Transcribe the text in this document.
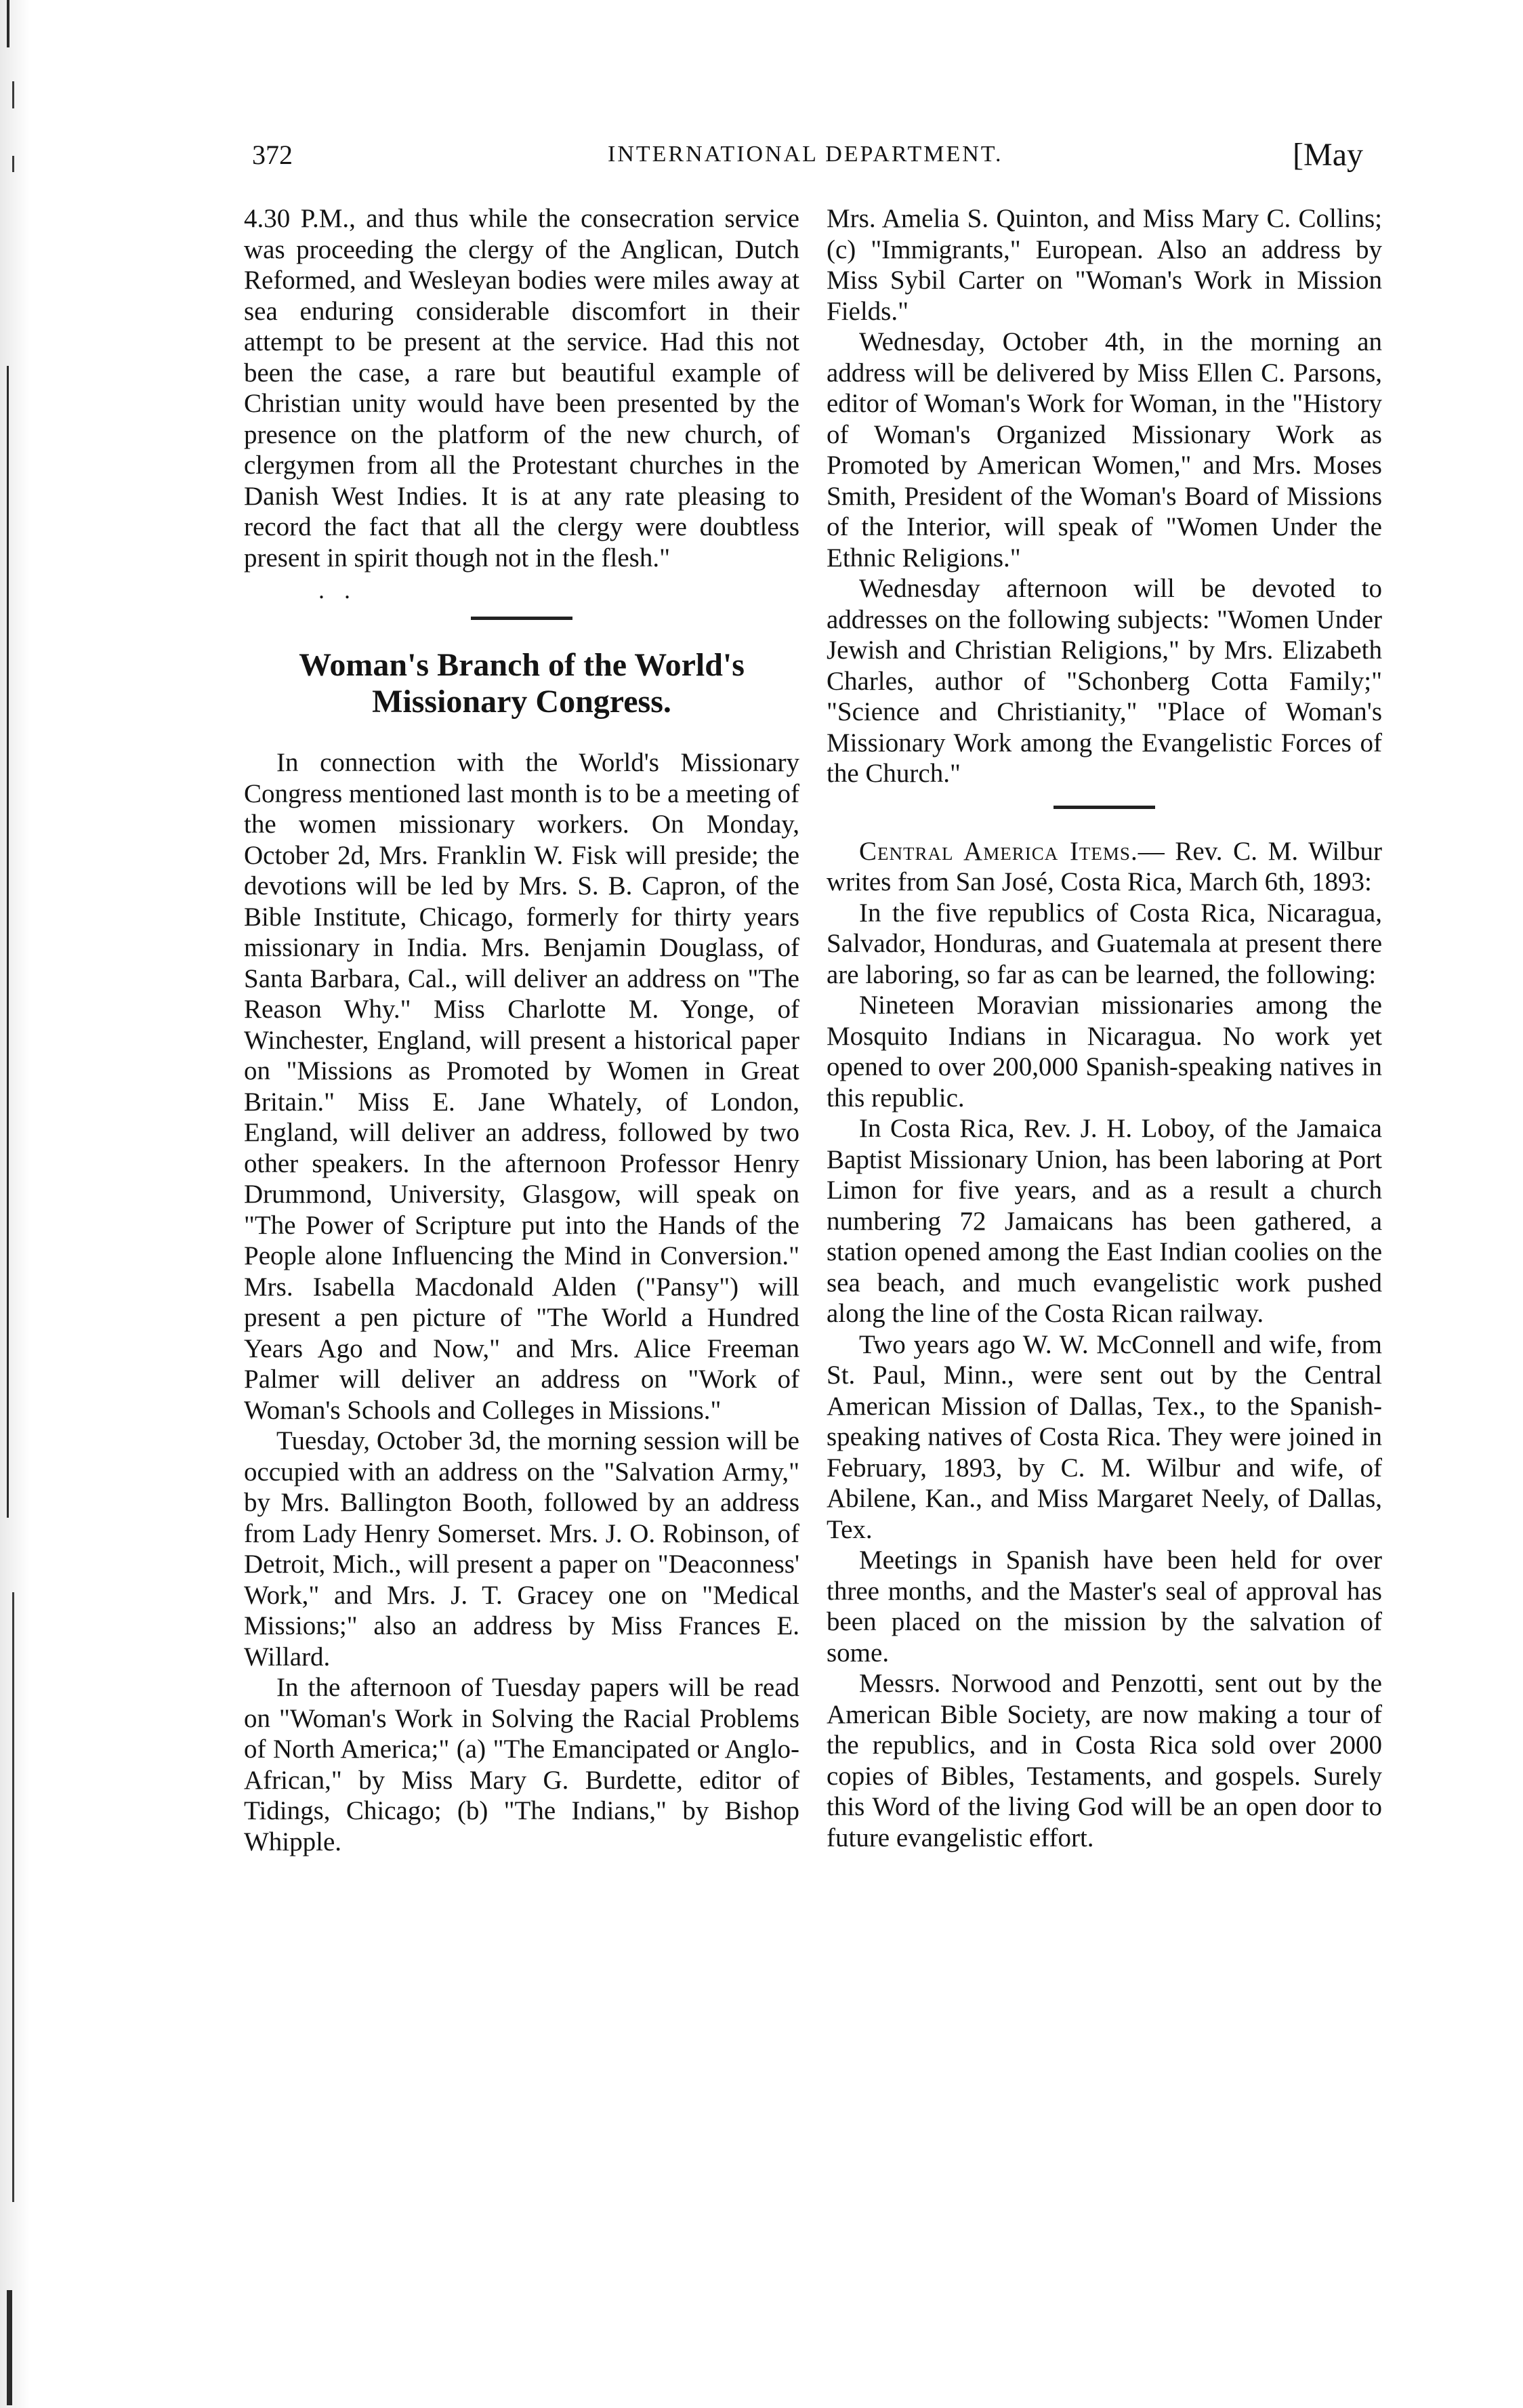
372	INTERNATIONAL DEPARTMENT.	[May

4.30 P.M., and thus while the consecration service was proceeding the clergy of the Anglican, Dutch Reformed, and Wesleyan bodies were miles away at sea enduring considerable discomfort in their attempt to be present at the service. Had this not been the case, a rare but beautiful example of Christian unity would have been presented by the presence on the platform of the new church, of clergymen from all the Protestant churches in the Danish West Indies. It is at any rate pleasing to record the fact that all the clergy were doubtless present in spirit though not in the flesh."

. .
Woman's Branch of the World's Missionary Congress.

In connection with the World's Missionary Congress mentioned last month is to be a meeting of the women missionary workers. On Monday, October 2d, Mrs. Franklin W. Fisk will preside; the devotions will be led by Mrs. S. B. Capron, of the Bible Institute, Chicago, formerly for thirty years missionary in India. Mrs. Benjamin Douglass, of Santa Barbara, Cal., will deliver an address on "The Reason Why." Miss Charlotte M. Yonge, of Winchester, England, will present a historical paper on "Missions as Promoted by Women in Great Britain." Miss E. Jane Whately, of London, England, will deliver an address, followed by two other speakers. In the afternoon Professor Henry Drummond, University, Glasgow, will speak on "The Power of Scripture put into the Hands of the People alone Influencing the Mind in Conversion." Mrs. Isabella Macdonald Alden ("Pansy") will present a pen picture of "The World a Hundred Years Ago and Now," and Mrs. Alice Freeman Palmer will deliver an address on "Work of Woman's Schools and Colleges in Missions."

Tuesday, October 3d, the morning session will be occupied with an address on the "Salvation Army," by Mrs. Ballington Booth, followed by an address from Lady Henry Somerset. Mrs. J. O. Robinson, of Detroit, Mich., will present a paper on "Deaconness' Work," and Mrs. J. T. Gracey one on "Medical Missions;" also an address by Miss Frances E. Willard.

In the afternoon of Tuesday papers will be read on "Woman's Work in Solving the Racial Problems of North America;" (a) "The Emancipated or Anglo-African," by Miss Mary G. Burdette, editor of Tidings, Chicago; (b) "The Indians," by Bishop Whipple.

Mrs. Amelia S. Quinton, and Miss Mary C. Collins; (c) "Immigrants," European. Also an address by Miss Sybil Carter on "Woman's Work in Mission Fields."

Wednesday, October 4th, in the morning an address will be delivered by Miss Ellen C. Parsons, editor of Woman's Work for Woman, in the "History of Woman's Organized Missionary Work as Promoted by American Women," and Mrs. Moses Smith, President of the Woman's Board of Missions of the Interior, will speak of "Women Under the Ethnic Religions."

Wednesday afternoon will be devoted to addresses on the following subjects: "Women Under Jewish and Christian Religions," by Mrs. Elizabeth Charles, author of "Schonberg Cotta Family;" "Science and Christianity," "Place of Woman's Missionary Work among the Evangelistic Forces of the Church."

Central America Items.— Rev. C. M. Wilbur writes from San José, Costa Rica, March 6th, 1893:

In the five republics of Costa Rica, Nicaragua, Salvador, Honduras, and Guatemala at present there are laboring, so far as can be learned, the following:

Nineteen Moravian missionaries among the Mosquito Indians in Nicaragua. No work yet opened to over 200,000 Spanish-speaking natives in this republic.

In Costa Rica, Rev. J. H. Loboy, of the Jamaica Baptist Missionary Union, has been laboring at Port Limon for five years, and as a result a church numbering 72 Jamaicans has been gathered, a station opened among the East Indian coolies on the sea beach, and much evangelistic work pushed along the line of the Costa Rican railway.

Two years ago W. W. McConnell and wife, from St. Paul, Minn., were sent out by the Central American Mission of Dallas, Tex., to the Spanish-speaking natives of Costa Rica. They were joined in February, 1893, by C. M. Wilbur and wife, of Abilene, Kan., and Miss Margaret Neely, of Dallas, Tex.

Meetings in Spanish have been held for over three months, and the Master's seal of approval has been placed on the mission by the salvation of some.

Messrs. Norwood and Penzotti, sent out by the American Bible Society, are now making a tour of the republics, and in Costa Rica sold over 2000 copies of Bibles, Testaments, and gospels. Surely this Word of the living God will be an open door to future evangelistic effort.
